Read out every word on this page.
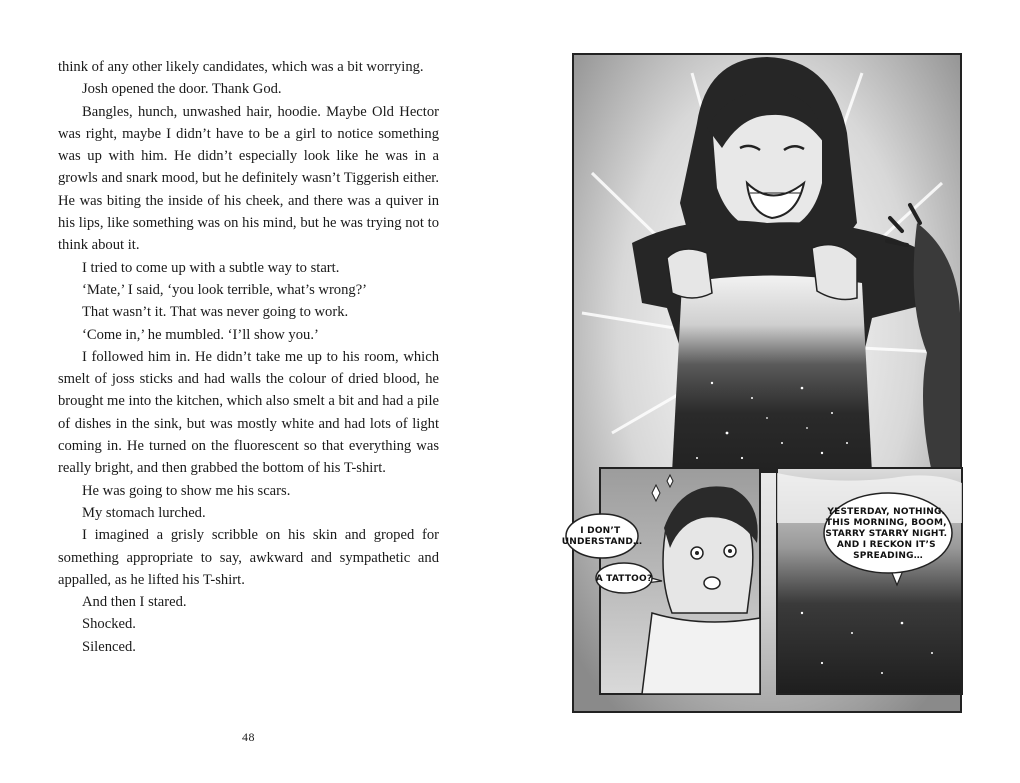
think of any other likely candidates, which was a bit worrying.

Josh opened the door. Thank God.

Bangles, hunch, unwashed hair, hoodie. Maybe Old Hector was right, maybe I didn’t have to be a girl to notice something was up with him. He didn’t especially look like he was in a growls and snark mood, but he definitely wasn’t Tiggerish either. He was biting the inside of his cheek, and there was a quiver in his lips, like something was on his mind, but he was trying not to think about it.

I tried to come up with a subtle way to start.

‘Mate,’ I said, ‘you look terrible, what’s wrong?’

That wasn’t it. That was never going to work.

‘Come in,’ he mumbled. ‘I’ll show you.’

I followed him in. He didn’t take me up to his room, which smelt of joss sticks and had walls the colour of dried blood, he brought me into the kitchen, which also smelt a bit and had a pile of dishes in the sink, but was mostly white and had lots of light coming in. He turned on the fluorescent so that everything was really bright, and then grabbed the bottom of his T-shirt.

He was going to show me his scars.

My stomach lurched.

I imagined a grisly scribble on his skin and groped for something appropriate to say, awkward and sympathetic and appalled, as he lifted his T-shirt.

And then I stared.

Shocked.

Silenced.

48
I DON’T UNDERSTAND…
A TATTOO?
YESTERDAY, NOTHING. THIS MORNING, BOOM, STARRY STARRY NIGHT. AND I RECKON IT’S SPREADING…
